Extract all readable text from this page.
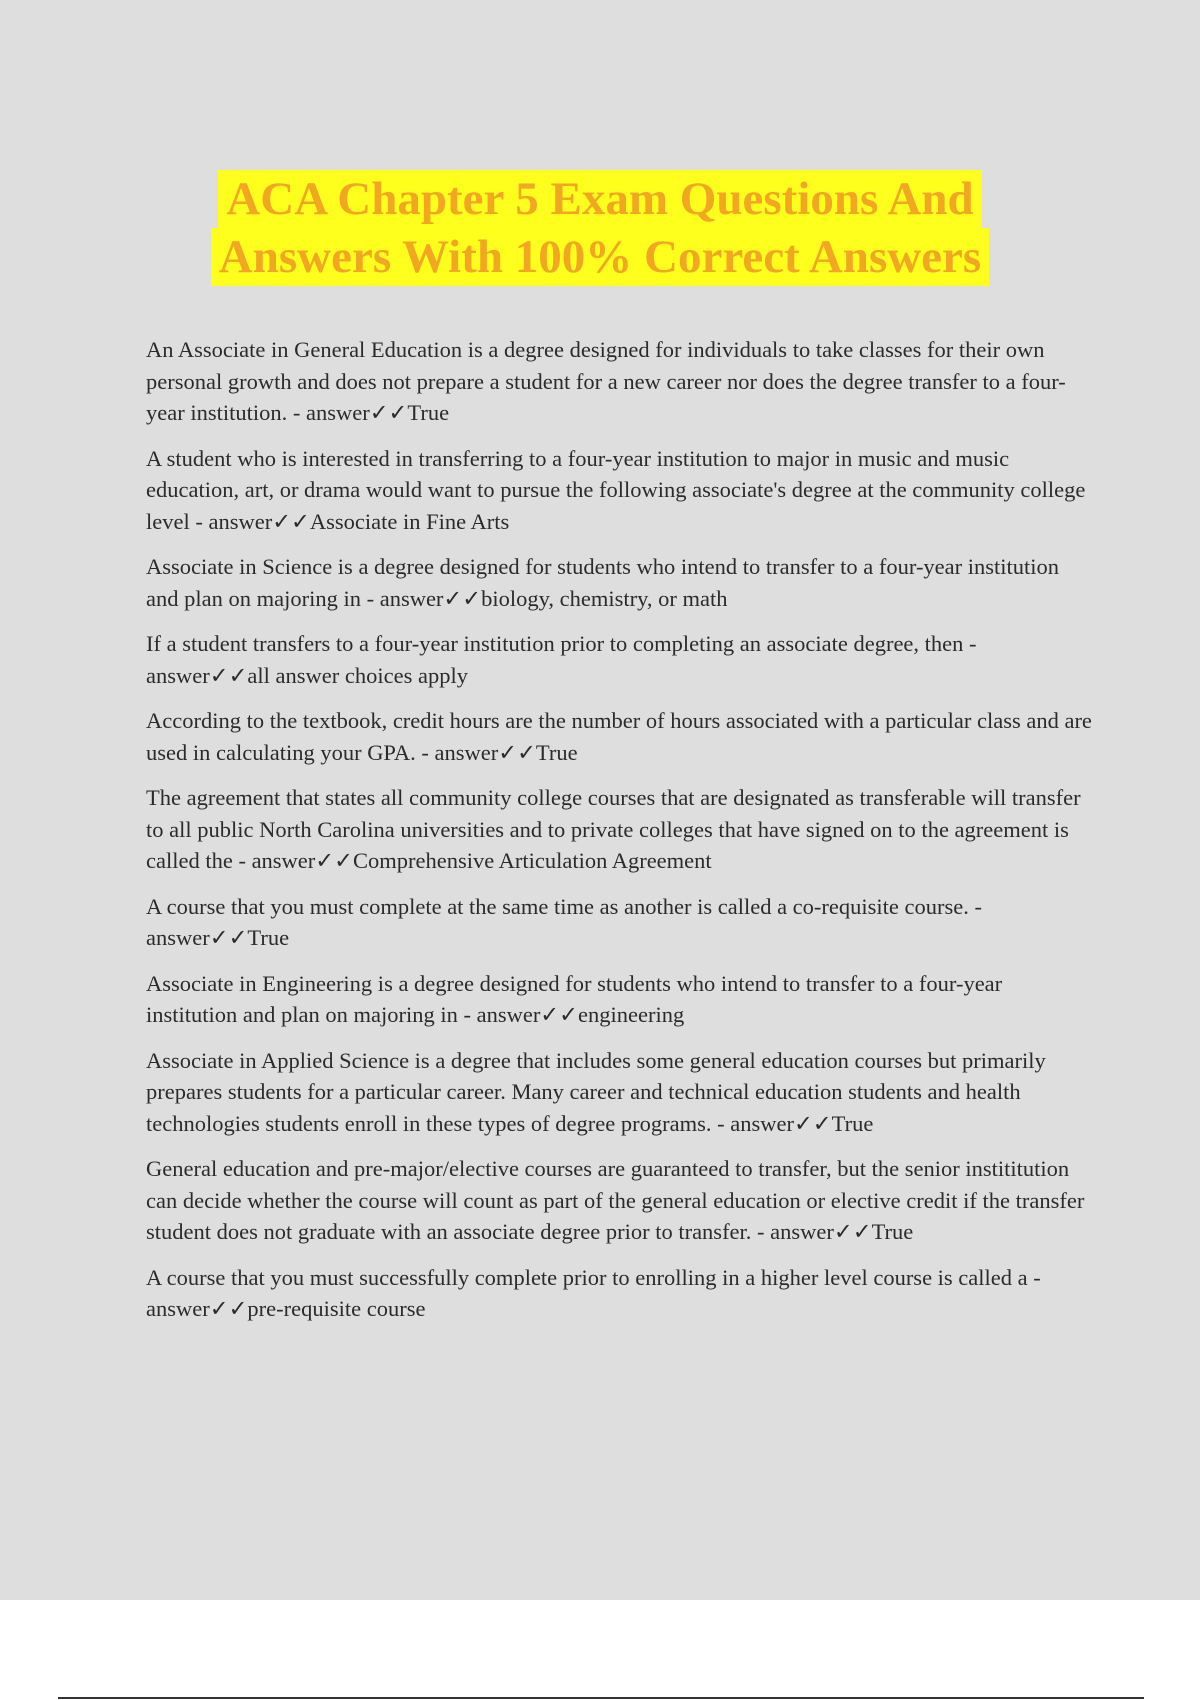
ACA Chapter 5 Exam Questions And
Answers With 100% Correct Answers

An Associate in General Education is a degree designed for individuals to take classes for their own personal growth and does not prepare a student for a new career nor does the degree transfer to a four-year institution. - answer✓✓True

A student who is interested in transferring to a four-year institution to major in music and music education, art, or drama would want to pursue the following associate's degree at the community college level - answer✓✓Associate in Fine Arts

Associate in Science is a degree designed for students who intend to transfer to a four-year institution and plan on majoring in - answer✓✓biology, chemistry, or math

If a student transfers to a four-year institution prior to completing an associate degree, then - answer✓✓all answer choices apply

According to the textbook, credit hours are the number of hours associated with a particular class and are used in calculating your GPA. - answer✓✓True

The agreement that states all community college courses that are designated as transferable will transfer to all public North Carolina universities and to private colleges that have signed on to the agreement is called the - answer✓✓Comprehensive Articulation Agreement

A course that you must complete at the same time as another is called a co-requisite course. - answer✓✓True

Associate in Engineering is a degree designed for students who intend to transfer to a four-year institution and plan on majoring in - answer✓✓engineering

Associate in Applied Science is a degree that includes some general education courses but primarily prepares students for a particular career. Many career and technical education students and health technologies students enroll in these types of degree programs. - answer✓✓True

General education and pre-major/elective courses are guaranteed to transfer, but the senior instititution can decide whether the course will count as part of the general education or elective credit if the transfer student does not graduate with an associate degree prior to transfer. - answer✓✓True

A course that you must successfully complete prior to enrolling in a higher level course is called a - answer✓✓pre-requisite course
